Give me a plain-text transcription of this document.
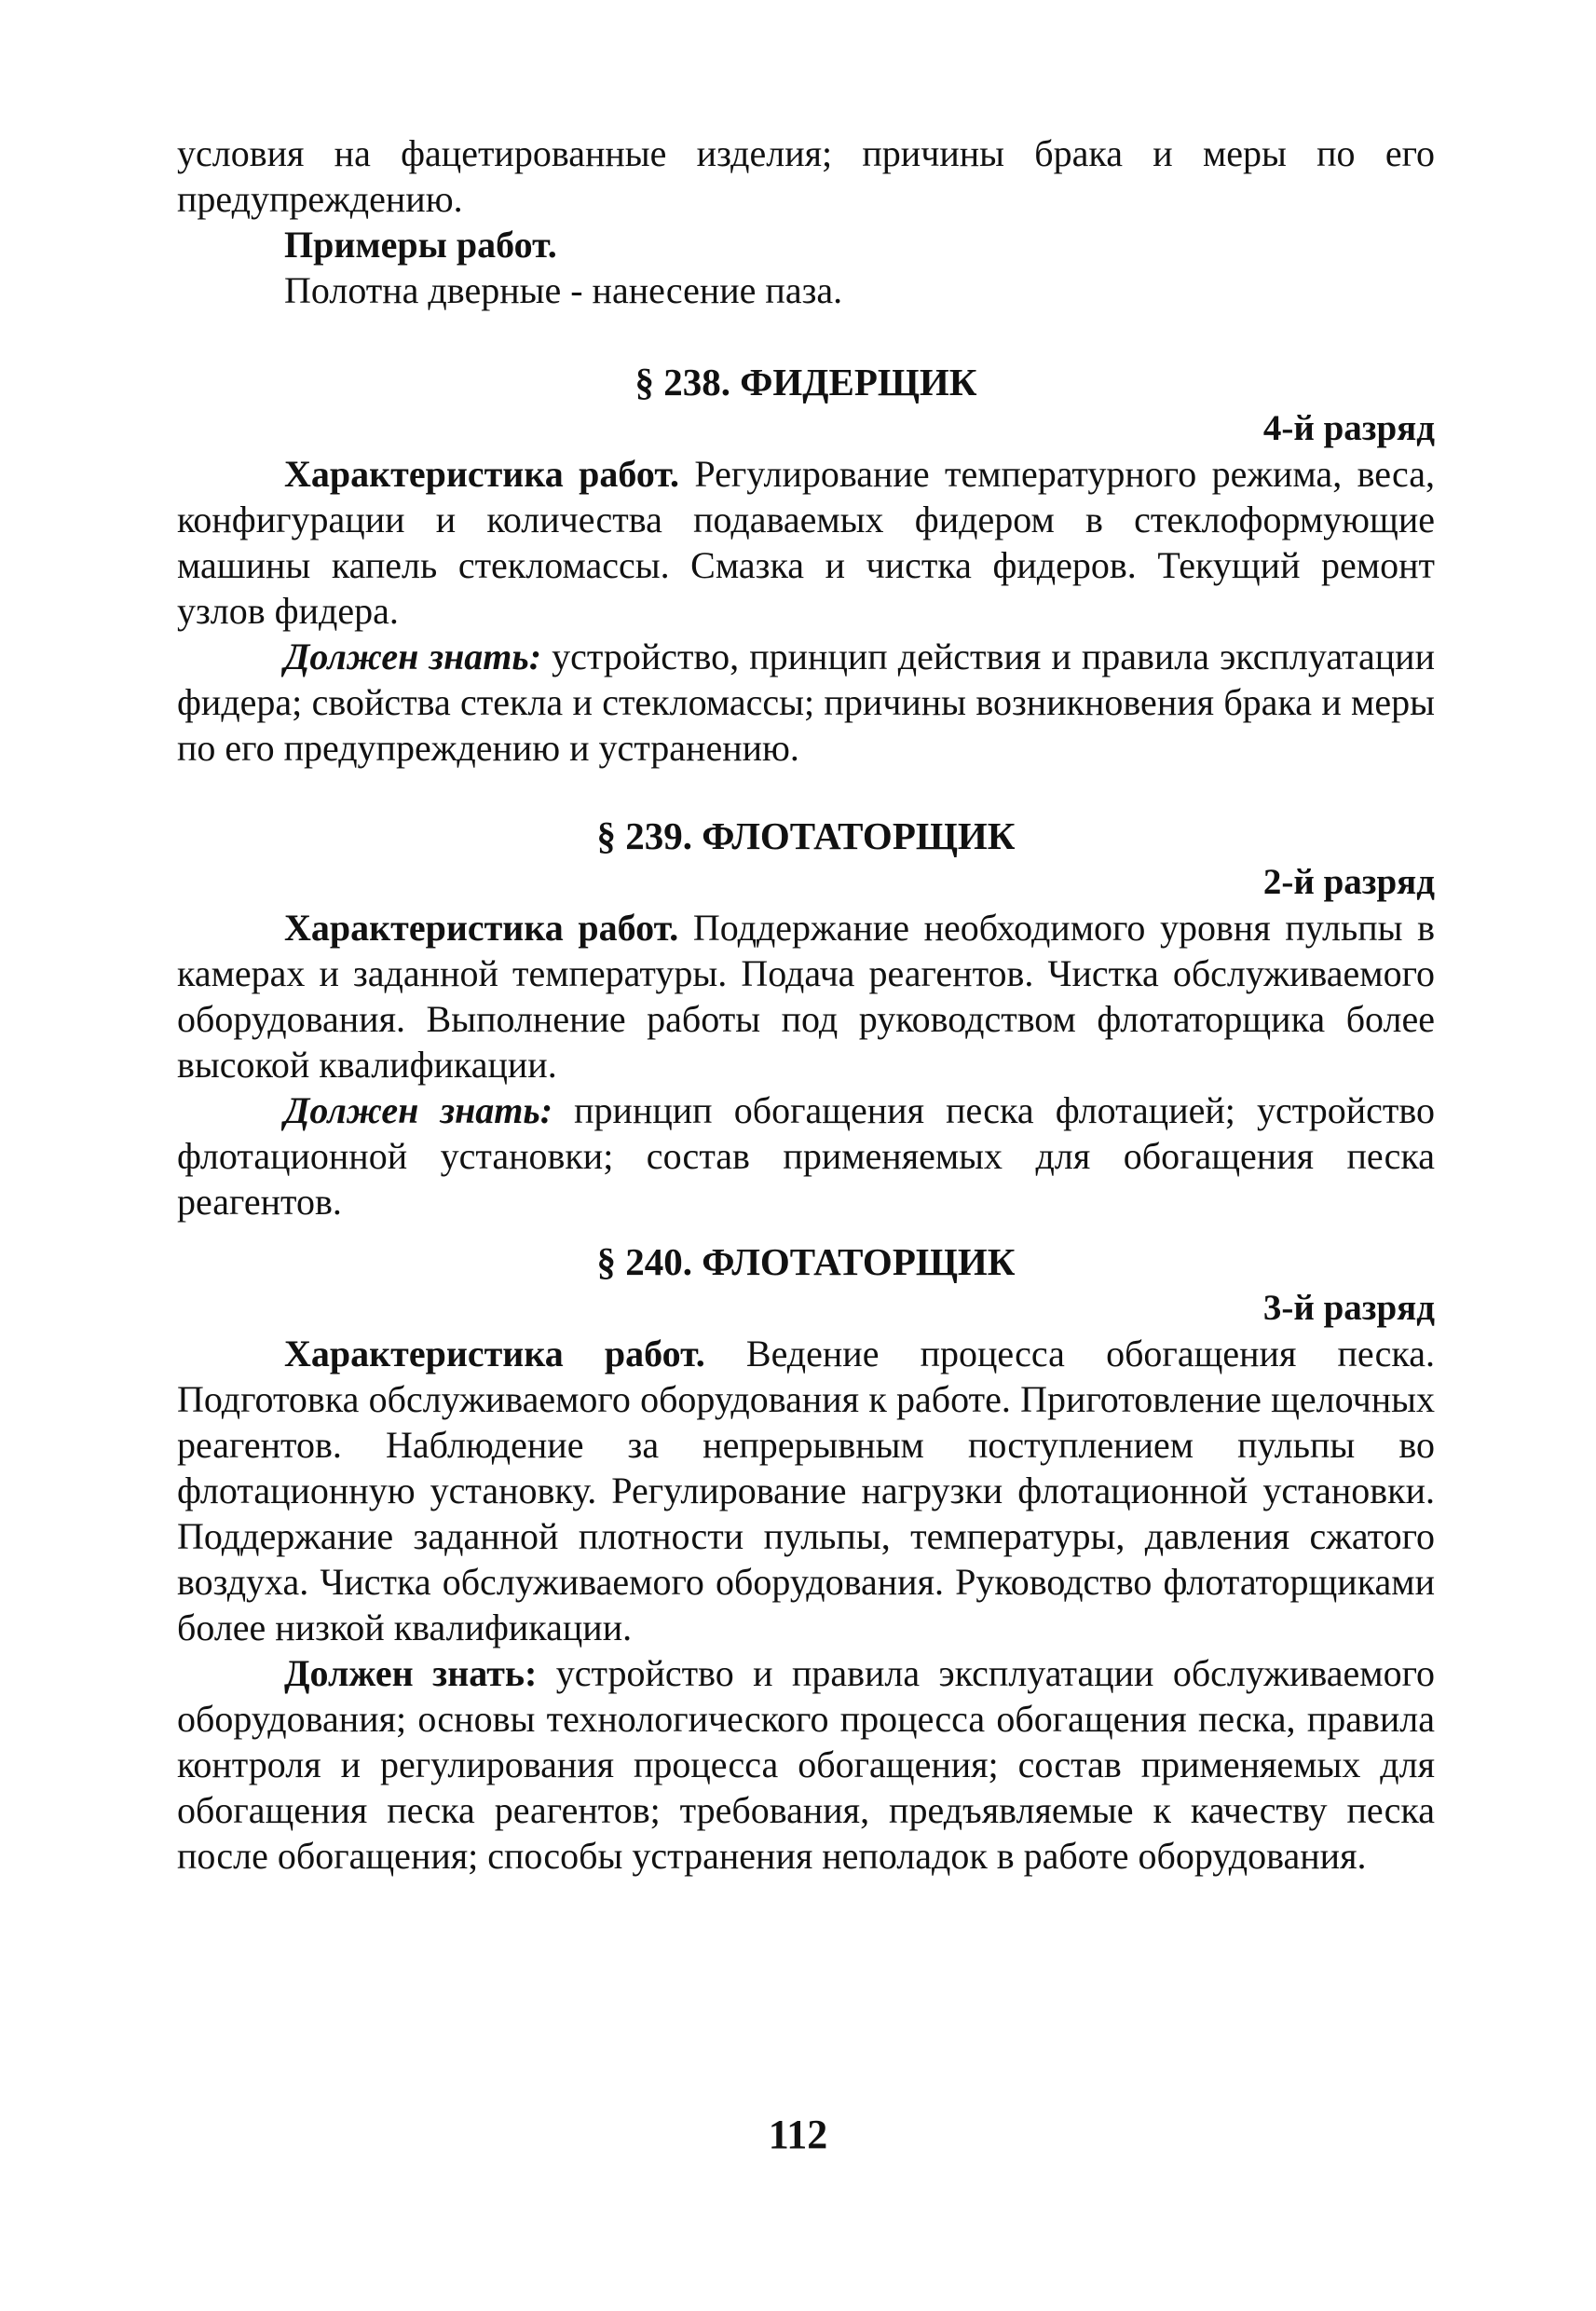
условия на фацетированные изделия; причины брака и меры по его предупреждению.

Примеры работ.

Полотна дверные - нанесение паза.

§ 238. ФИДЕРЩИК

4-й разряд

Характеристика работ. Регулирование температурного режима, веса, конфигурации и количества подаваемых фидером в стеклоформующие машины капель стекломассы. Смазка и чистка фидеров. Текущий ремонт узлов фидера.

Должен знать: устройство, принцип действия и правила эксплуатации фидера; свойства стекла и стекломассы; причины возникновения брака и меры по его предупреждению и устранению.

§ 239. ФЛОТАТОРЩИК

2-й разряд

Характеристика работ. Поддержание необходимого уровня пульпы в камерах и заданной температуры. Подача реагентов. Чистка обслуживаемого оборудования. Выполнение работы под руководством флотаторщика более высокой квалификации.

Должен знать: принцип обогащения песка флотацией; устройство флотационной установки; состав применяемых для обогащения песка реагентов.

§ 240. ФЛОТАТОРЩИК

3-й разряд

Характеристика работ. Ведение процесса обогащения песка. Подготовка обслуживаемого оборудования к работе. Приготовление щелочных реагентов. Наблюдение за непрерывным поступлением пульпы во флотационную установку. Регулирование нагрузки флотационной установки. Поддержание заданной плотности пульпы, температуры, давления сжатого воздуха. Чистка обслуживаемого оборудования. Руководство флотаторщиками более низкой квалификации.

Должен знать: устройство и правила эксплуатации обслуживаемого оборудования; основы технологического процесса обогащения песка, правила контроля и регулирования процесса обогащения; состав применяемых для обогащения песка реагентов; требования, предъявляемые к качеству песка после обогащения; способы устранения неполадок в работе оборудования.

112
